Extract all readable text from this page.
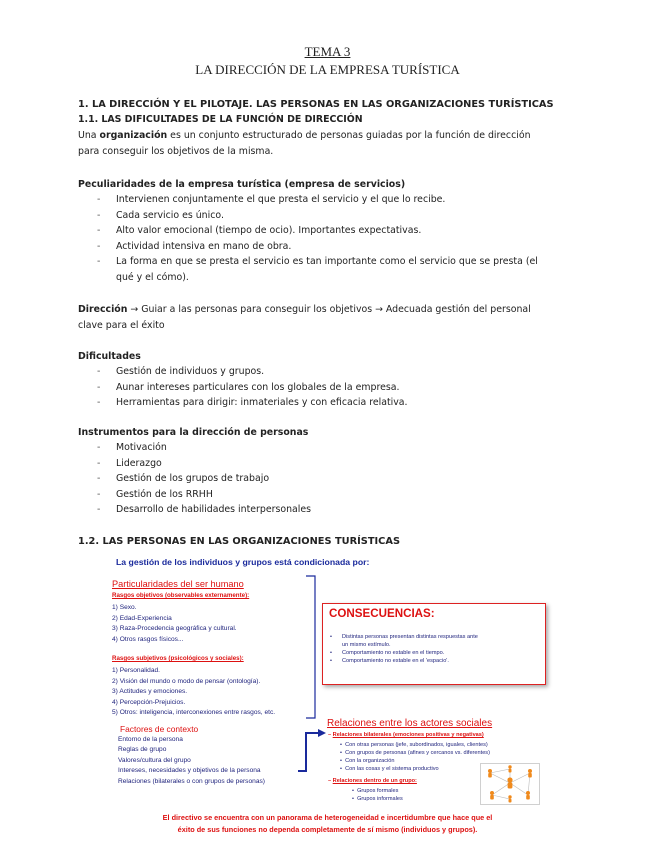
TEMA 3
LA DIRECCIÓN DE LA EMPRESA TURÍSTICA
1. LA DIRECCIÓN Y EL PILOTAJE. LAS PERSONAS EN LAS ORGANIZACIONES TURÍSTICAS
1.1. LAS DIFICULTADES DE LA FUNCIÓN DE DIRECCIÓN
Una organización es un conjunto estructurado de personas guiadas por la función de dirección
para conseguir los objetivos de la misma.
Peculiaridades de la empresa turística (empresa de servicios)
- Intervienen conjuntamente el que presta el servicio y el que lo recibe.
- Cada servicio es único.
- Alto valor emocional (tiempo de ocio). Importantes expectativas.
- Actividad intensiva en mano de obra.
- La forma en que se presta el servicio es tan importante como el servicio que se presta (el
qué y el cómo).
Dirección → Guiar a las personas para conseguir los objetivos → Adecuada gestión del personal
clave para el éxito
Dificultades
- Gestión de individuos y grupos.
- Aunar intereses particulares con los globales de la empresa.
- Herramientas para dirigir: inmateriales y con eficacia relativa.
Instrumentos para la dirección de personas
- Motivación
- Liderazgo
- Gestión de los grupos de trabajo
- Gestión de los RRHH
- Desarrollo de habilidades interpersonales
1.2. LAS PERSONAS EN LAS ORGANIZACIONES TURÍSTICAS
La gestión de los individuos y grupos está condicionada por:
Particularidades del ser humano
Rasgos objetivos (observables externamente):
1) Sexo.
2) Edad-Experiencia
3) Raza-Procedencia geográfica y cultural.
4) Otros rasgos físicos...
Rasgos subjetivos (psicológicos y sociales):
1) Personalidad.
2) Visión del mundo o modo de pensar (ontología).
3) Actitudes y emociones.
4) Percepción-Prejuicios.
5) Otros: inteligencia, interconexiones entre rasgos, etc.
CONSECUENCIAS:
• Distintas personas presentan distintas respuestas ante
un mismo estímulo.
• Comportamiento no estable en el tiempo.
• Comportamiento no estable en el 'espacio'.
Factores de contexto
Entorno de la persona
Reglas de grupo
Valores/cultura del grupo
Intereses, necesidades y objetivos de la persona
Relaciones (bilaterales o con grupos de personas)
Relaciones entre los actores sociales
– Relaciones bilaterales (emociones positivas y negativas)
•  Con otras personas (jefe, subordinados, iguales, clientes)
•  Con grupos de personas (afines y cercanos vs. diferentes)
•  Con la organización
•  Con las cosas y el sistema productivo
– Relaciones dentro de un grupo:
•  Grupos formales
•  Grupos informales
El directivo se encuentra con un panorama de heterogeneidad e incertidumbre que hace que el
éxito de sus funciones no dependa completamente de sí mismo (individuos y grupos).
